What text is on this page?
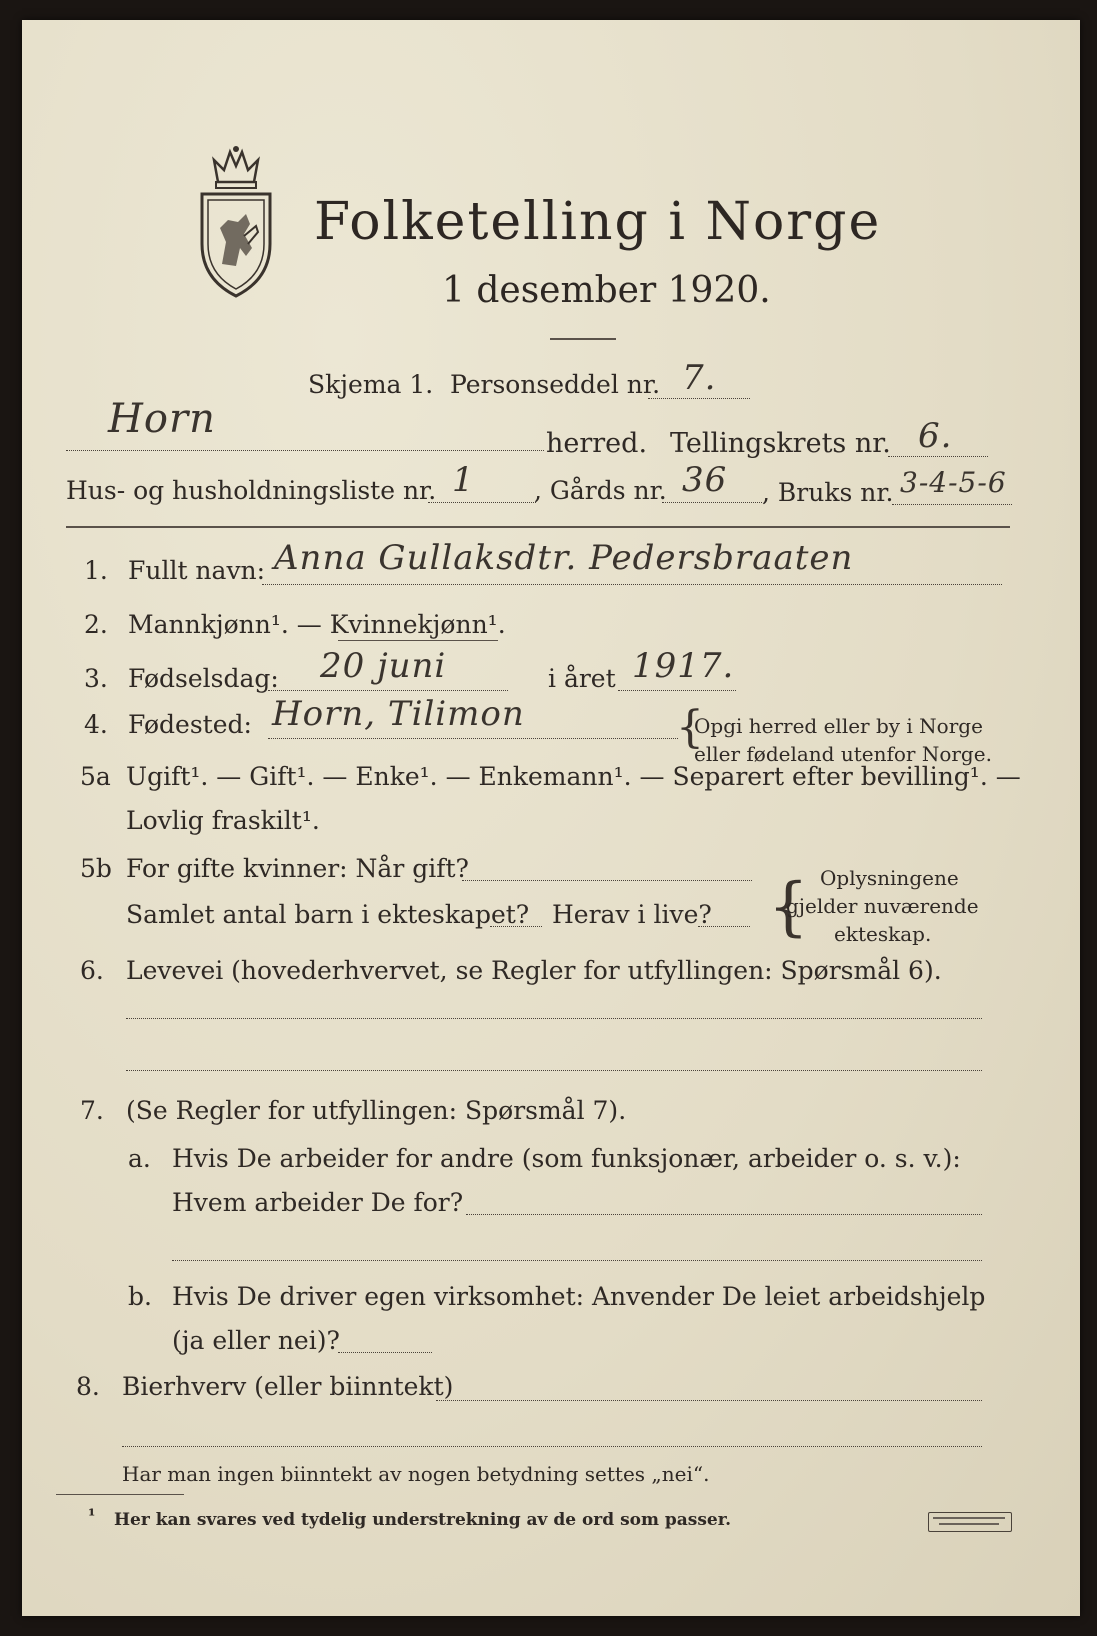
Folketelling i Norge
1 desember 1920.
Skjema 1. Personseddel nr. 7.
Horn
herred. Tellingskrets nr. 6.
Hus- og husholdningsliste nr. 1 , Gårds nr. 36 , Bruks nr. 3-4-5-6
1. Fullt navn: Anna Gullaksdtr. Pedersbraaten
2. Mannkjønn¹. — Kvinnekjønn¹.
3. Fødselsdag: 20 juni	i året 1917.
4. Fødested: Horn, Tilimon	{
Opgi herred eller by i Norge
eller fødeland utenfor Norge.
5a Ugift¹. — Gift¹. — Enke¹. — Enkemann¹. — Separert efter bevilling¹. —
Lovlig fraskilt¹.
5b For gifte kvinner: Når gift?
Samlet antal barn i ekteskapet? Herav i live? { Oplysningene
gjelder nuværende
ekteskap.
6. Levevei (hovederhvervet, se Regler for utfyllingen: Spørsmål 6).
7. (Se Regler for utfyllingen: Spørsmål 7).
a. Hvis De arbeider for andre (som funksjonær, arbeider o. s. v.):
Hvem arbeider De for?
b. Hvis De driver egen virksomhet: Anvender De leiet arbeidshjelp
(ja eller nei)?
8. Bierhverv (eller biinntekt)
Har man ingen biinntekt av nogen betydning settes „nei“.
¹ Her kan svares ved tydelig understrekning av de ord som passer.
